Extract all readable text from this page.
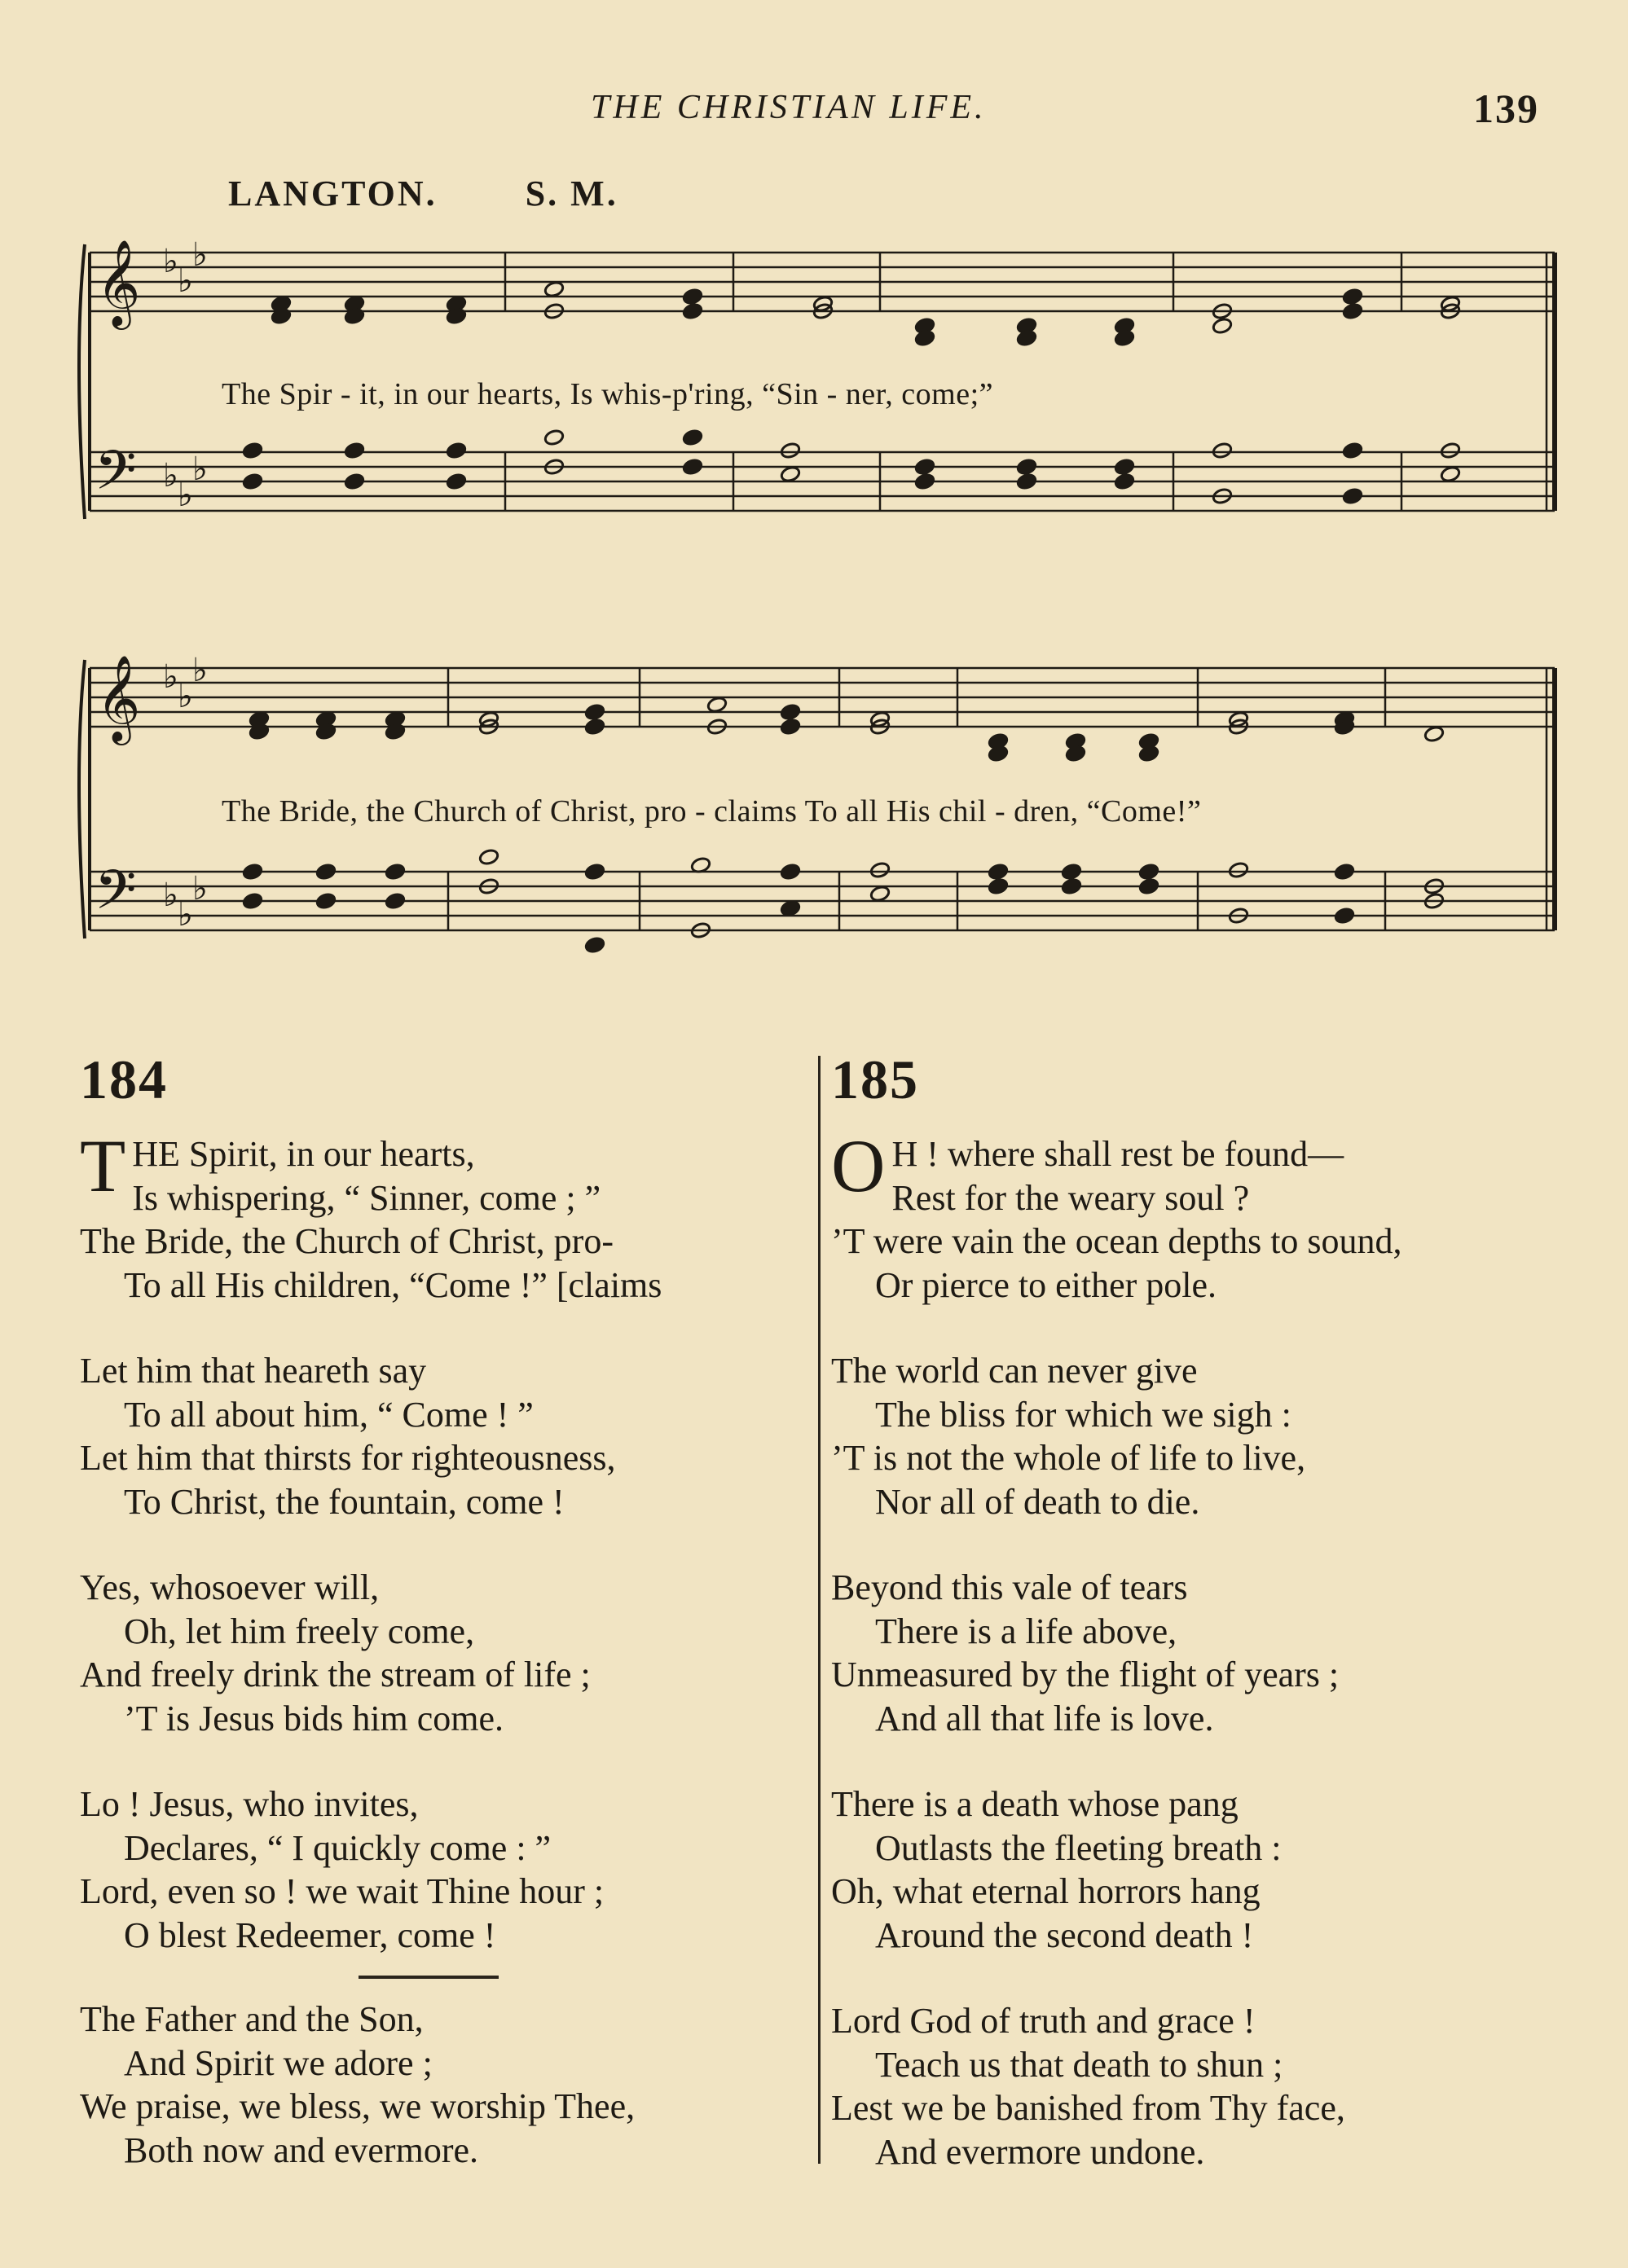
THE CHRISTIAN LIFE.	139
LANGTON. S. M.
𝄞
𝄢
♭
♭
♭
♭
♭
♭
𝄞
𝄢
♭
♭
♭
♭
♭
♭
The Spir - it, in our hearts, Is whis-p'ring, “Sin - ner, come;”
The Bride, the Church of Christ, pro - claims To all His chil - dren, “Come!”
184
THE Spirit, in our hearts,
Is whispering, “ Sinner, come ; ”
The Bride, the Church of Christ, pro-
To all His children, “Come !” [claims
Let him that heareth say
To all about him, “ Come ! ”
Let him that thirsts for righteousness,
To Christ, the fountain, come !
Yes, whosoever will,
Oh, let him freely come,
And freely drink the stream of life ;
’T is Jesus bids him come.
Lo ! Jesus, who invites,
Declares, “ I quickly come : ”
Lord, even so ! we wait Thine hour ;
O blest Redeemer, come !
The Father and the Son,
And Spirit we adore ;
We praise, we bless, we worship Thee,
Both now and evermore.
185
O H ! where shall rest be found—
Rest for the weary soul ?
’T were vain the ocean depths to sound,
Or pierce to either pole.
The world can never give
The bliss for which we sigh :
’T is not the whole of life to live,
Nor all of death to die.
Beyond this vale of tears
There is a life above,
Unmeasured by the flight of years ;
And all that life is love.
There is a death whose pang
Outlasts the fleeting breath :
Oh, what eternal horrors hang
Around the second death !
Lord God of truth and grace !
Teach us that death to shun ;
Lest we be banished from Thy face,
And evermore undone.
